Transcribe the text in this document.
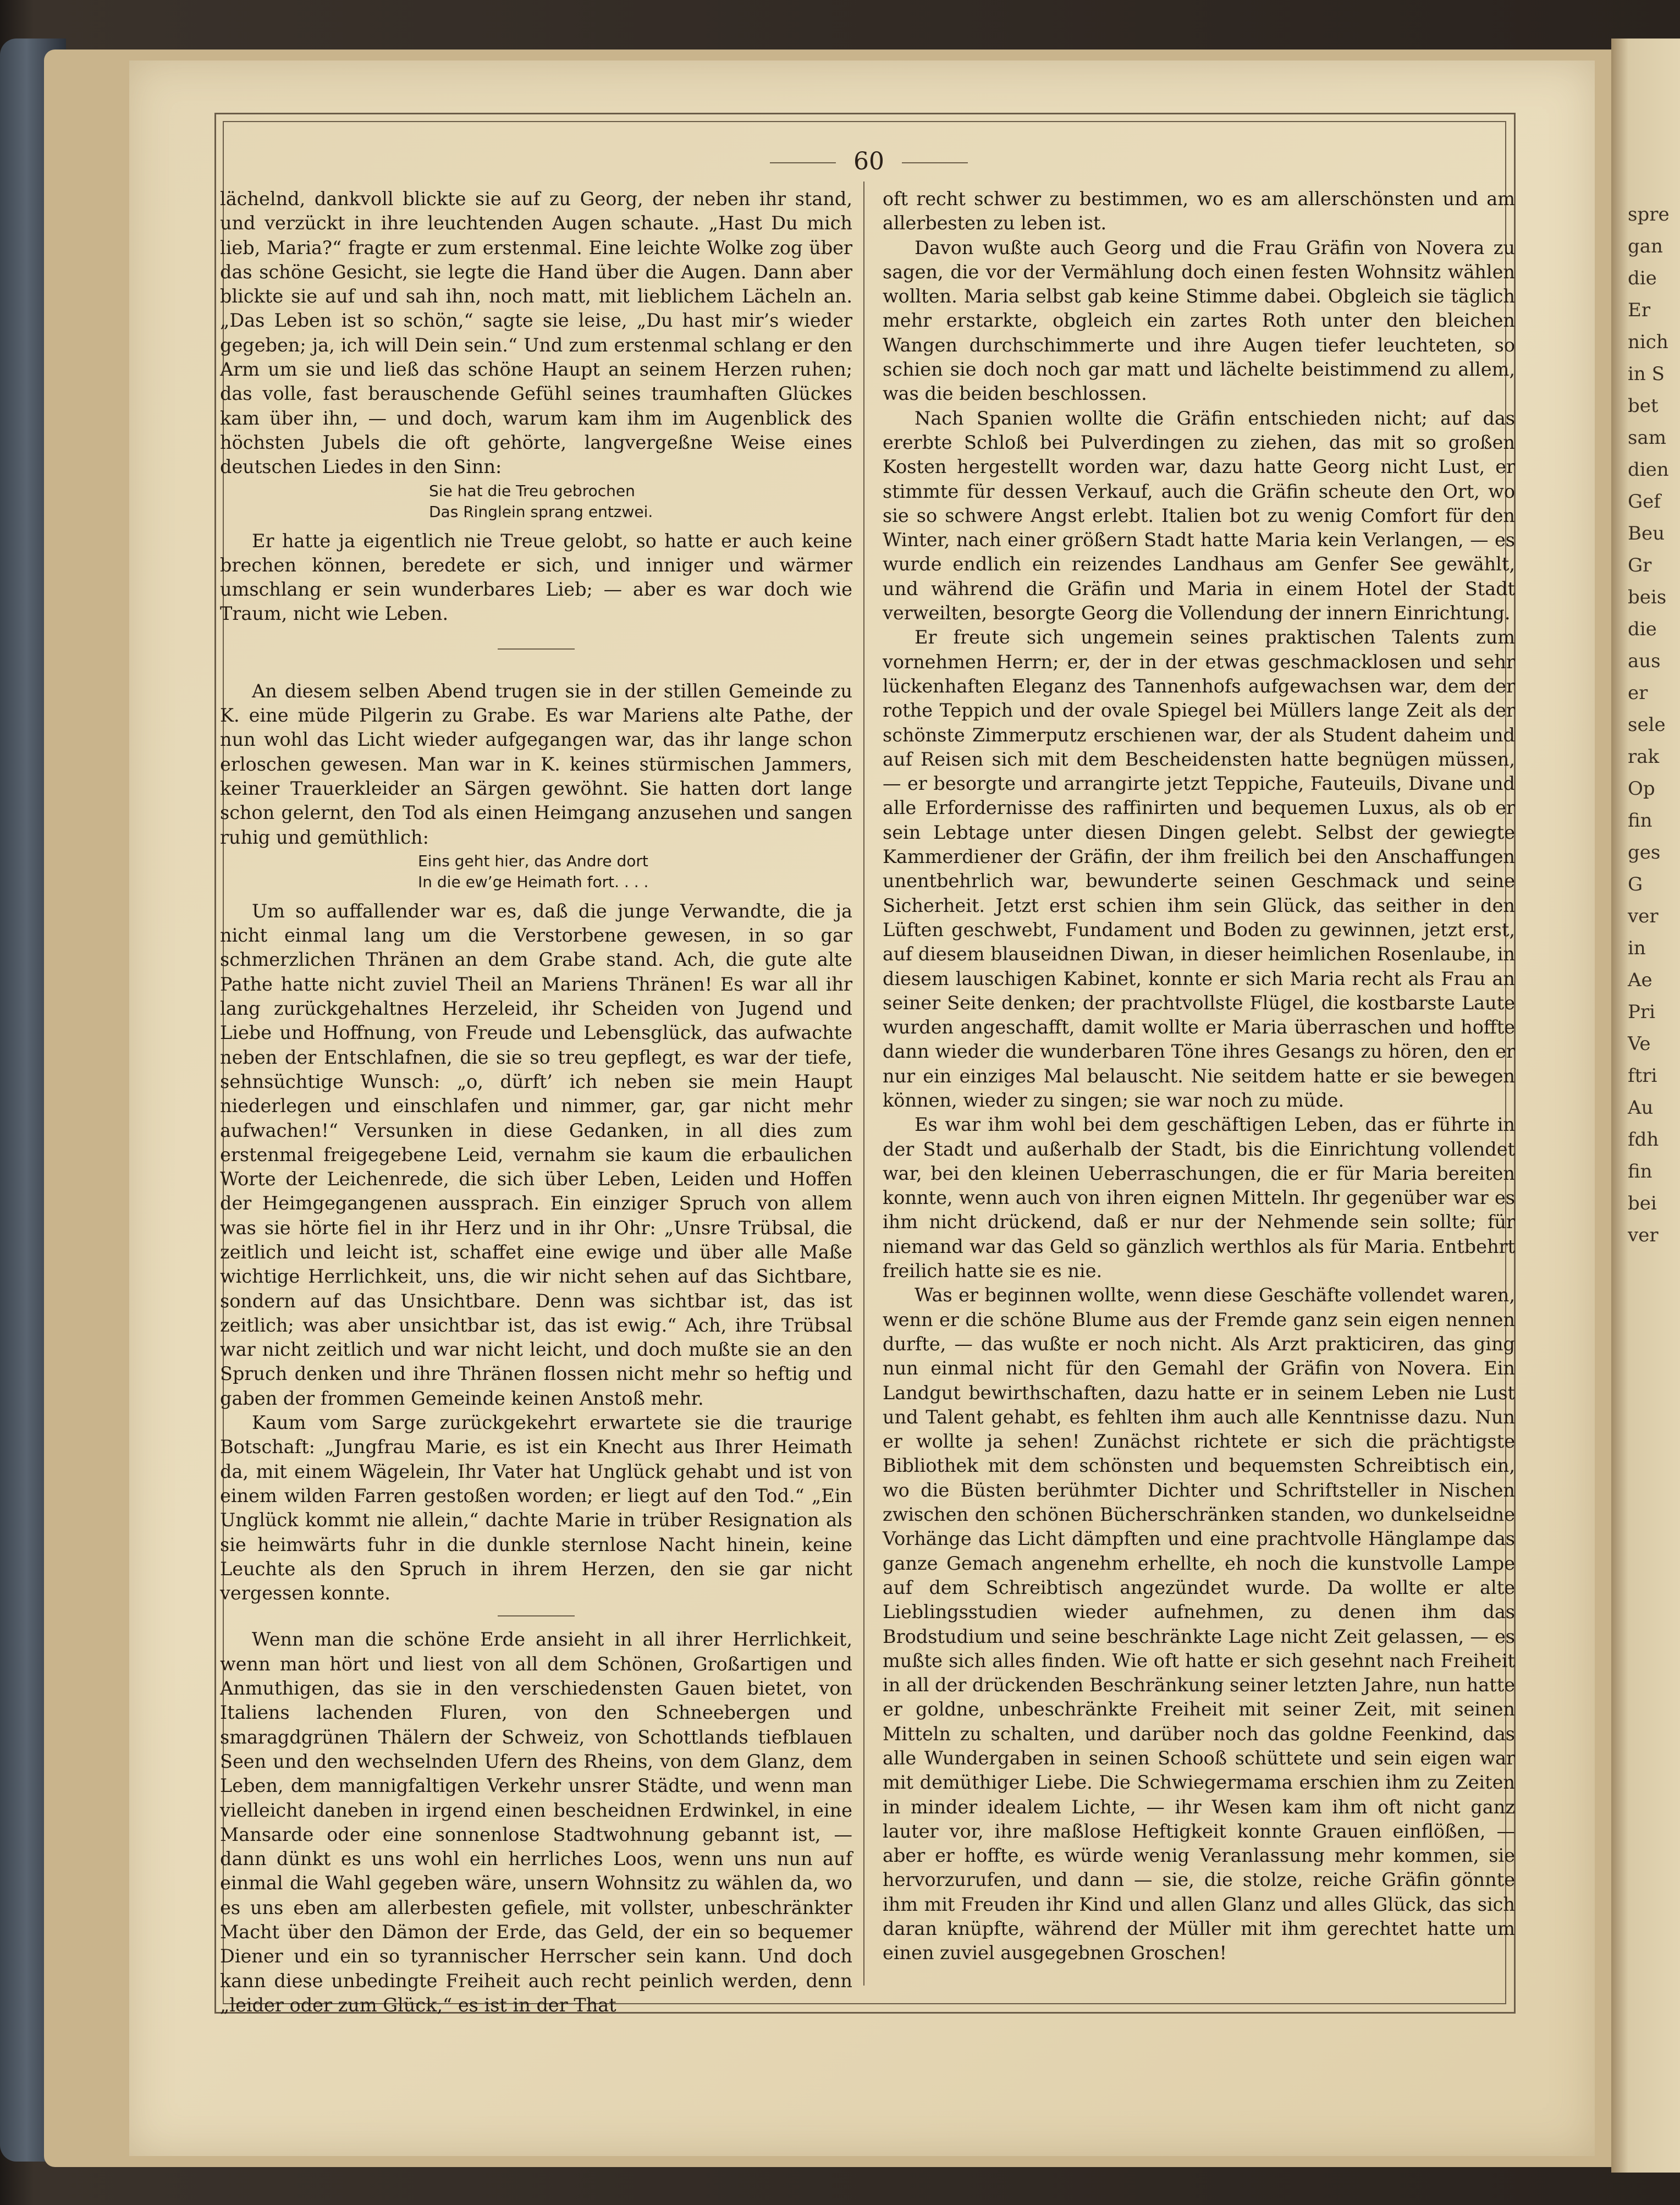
spre
gan
die
Er
nich
in S
bet
sam
dien
Gef
Beu
Gr
beis
die
aus
er
sele
rak
Op
fin
ges
G
ver
in
Ae
Pri
Ve
ftri
Au
fdh
fin
bei
ver
60

lächelnd, dankvoll blickte sie auf zu Georg, der neben ihr stand, und verzückt in ihre leuchtenden Augen schaute. „Hast Du mich lieb, Maria?“ fragte er zum erstenmal. Eine leichte Wolke zog über das schöne Gesicht, sie legte die Hand über die Augen. Dann aber blickte sie auf und sah ihn, noch matt, mit lieblichem Lächeln an. „Das Leben ist so schön,“ sagte sie leise, „Du hast mir’s wieder gegeben; ja, ich will Dein sein.“ Und zum erstenmal schlang er den Arm um sie und ließ das schöne Haupt an seinem Herzen ruhen; das volle, fast berauschende Gefühl seines traumhaften Glückes kam über ihn, — und doch, warum kam ihm im Augenblick des höchsten Jubels die oft gehörte, langvergeßne Weise eines deutschen Liedes in den Sinn:

Sie hat die Treu gebrochen
Das Ringlein sprang entzwei.

Er hatte ja eigentlich nie Treue gelobt, so hatte er auch keine brechen können, beredete er sich, und inniger und wärmer umschlang er sein wunderbares Lieb; — aber es war doch wie Traum, nicht wie Leben.

An diesem selben Abend trugen sie in der stillen Gemeinde zu K. eine müde Pilgerin zu Grabe. Es war Mariens alte Pathe, der nun wohl das Licht wieder aufgegangen war, das ihr lange schon erloschen gewesen. Man war in K. keines stürmischen Jammers, keiner Trauerkleider an Särgen gewöhnt. Sie hatten dort lange schon gelernt, den Tod als einen Heimgang anzusehen und sangen ruhig und gemüthlich:

Eins geht hier, das Andre dort
In die ew’ge Heimath fort. . . .

Um so auffallender war es, daß die junge Verwandte, die ja nicht einmal lang um die Verstorbene gewesen, in so gar schmerzlichen Thränen an dem Grabe stand. Ach, die gute alte Pathe hatte nicht zuviel Theil an Mariens Thränen! Es war all ihr lang zurückgehaltnes Herzeleid, ihr Scheiden von Jugend und Liebe und Hoffnung, von Freude und Lebensglück, das aufwachte neben der Entschlafnen, die sie so treu gepflegt, es war der tiefe, sehnsüchtige Wunsch: „o, dürft’ ich neben sie mein Haupt niederlegen und einschlafen und nimmer, gar, gar nicht mehr aufwachen!“ Versunken in diese Gedanken, in all dies zum erstenmal freigegebene Leid, vernahm sie kaum die erbaulichen Worte der Leichenrede, die sich über Leben, Leiden und Hoffen der Heimgegangenen aussprach. Ein einziger Spruch von allem was sie hörte fiel in ihr Herz und in ihr Ohr: „Unsre Trübsal, die zeitlich und leicht ist, schaffet eine ewige und über alle Maße wichtige Herrlichkeit, uns, die wir nicht sehen auf das Sichtbare, sondern auf das Unsichtbare. Denn was sichtbar ist, das ist zeitlich; was aber unsichtbar ist, das ist ewig.“ Ach, ihre Trübsal war nicht zeitlich und war nicht leicht, und doch mußte sie an den Spruch denken und ihre Thränen flossen nicht mehr so heftig und gaben der frommen Gemeinde keinen Anstoß mehr.

Kaum vom Sarge zurückgekehrt erwartete sie die traurige Botschaft: „Jungfrau Marie, es ist ein Knecht aus Ihrer Heimath da, mit einem Wägelein, Ihr Vater hat Unglück gehabt und ist von einem wilden Farren gestoßen worden; er liegt auf den Tod.“ „Ein Unglück kommt nie allein,“ dachte Marie in trüber Resignation als sie heimwärts fuhr in die dunkle sternlose Nacht hinein, keine Leuchte als den Spruch in ihrem Herzen, den sie gar nicht vergessen konnte.

Wenn man die schöne Erde ansieht in all ihrer Herrlichkeit, wenn man hört und liest von all dem Schönen, Großartigen und Anmuthigen, das sie in den verschiedensten Gauen bietet, von Italiens lachenden Fluren, von den Schneebergen und smaragdgrünen Thälern der Schweiz, von Schottlands tiefblauen Seen und den wechselnden Ufern des Rheins, von dem Glanz, dem Leben, dem mannigfaltigen Verkehr unsrer Städte, und wenn man vielleicht daneben in irgend einen bescheidnen Erdwinkel, in eine Mansarde oder eine sonnenlose Stadtwohnung gebannt ist, — dann dünkt es uns wohl ein herrliches Loos, wenn uns nun auf einmal die Wahl gegeben wäre, unsern Wohnsitz zu wählen da, wo es uns eben am allerbesten gefiele, mit vollster, unbeschränkter Macht über den Dämon der Erde, das Geld, der ein so bequemer Diener und ein so tyrannischer Herrscher sein kann. Und doch kann diese unbedingte Freiheit auch recht peinlich werden, denn „leider oder zum Glück,“ es ist in der That

oft recht schwer zu bestimmen, wo es am allerschönsten und am allerbesten zu leben ist.

Davon wußte auch Georg und die Frau Gräfin von Novera zu sagen, die vor der Vermählung doch einen festen Wohnsitz wählen wollten. Maria selbst gab keine Stimme dabei. Obgleich sie täglich mehr erstarkte, obgleich ein zartes Roth unter den bleichen Wangen durchschimmerte und ihre Augen tiefer leuchteten, so schien sie doch noch gar matt und lächelte beistimmend zu allem, was die beiden beschlossen.

Nach Spanien wollte die Gräfin entschieden nicht; auf das ererbte Schloß bei Pulverdingen zu ziehen, das mit so großen Kosten hergestellt worden war, dazu hatte Georg nicht Lust, er stimmte für dessen Verkauf, auch die Gräfin scheute den Ort, wo sie so schwere Angst erlebt. Italien bot zu wenig Comfort für den Winter, nach einer größern Stadt hatte Maria kein Verlangen, — es wurde endlich ein reizendes Landhaus am Genfer See gewählt, und während die Gräfin und Maria in einem Hotel der Stadt verweilten, besorgte Georg die Vollendung der innern Einrichtung.

Er freute sich ungemein seines praktischen Talents zum vornehmen Herrn; er, der in der etwas geschmacklosen und sehr lückenhaften Eleganz des Tannenhofs aufgewachsen war, dem der rothe Teppich und der ovale Spiegel bei Müllers lange Zeit als der schönste Zimmerputz erschienen war, der als Student daheim und auf Reisen sich mit dem Bescheidensten hatte begnügen müssen, — er besorgte und arrangirte jetzt Teppiche, Fauteuils, Divane und alle Erfordernisse des raffinirten und bequemen Luxus, als ob er sein Lebtage unter diesen Dingen gelebt. Selbst der gewiegte Kammerdiener der Gräfin, der ihm freilich bei den Anschaffungen unentbehrlich war, bewunderte seinen Geschmack und seine Sicherheit. Jetzt erst schien ihm sein Glück, das seither in den Lüften geschwebt, Fundament und Boden zu gewinnen, jetzt erst, auf diesem blauseidnen Diwan, in dieser heimlichen Rosenlaube, in diesem lauschigen Kabinet, konnte er sich Maria recht als Frau an seiner Seite denken; der prachtvollste Flügel, die kostbarste Laute wurden angeschafft, damit wollte er Maria überraschen und hoffte dann wieder die wunderbaren Töne ihres Gesangs zu hören, den er nur ein einziges Mal belauscht. Nie seitdem hatte er sie bewegen können, wieder zu singen; sie war noch zu müde.

Es war ihm wohl bei dem geschäftigen Leben, das er führte in der Stadt und außerhalb der Stadt, bis die Einrichtung vollendet war, bei den kleinen Ueberraschungen, die er für Maria bereiten konnte, wenn auch von ihren eignen Mitteln. Ihr gegenüber war es ihm nicht drückend, daß er nur der Nehmende sein sollte; für niemand war das Geld so gänzlich werthlos als für Maria. Entbehrt freilich hatte sie es nie.

Was er beginnen wollte, wenn diese Geschäfte vollendet waren, wenn er die schöne Blume aus der Fremde ganz sein eigen nennen durfte, — das wußte er noch nicht. Als Arzt prakticiren, das ging nun einmal nicht für den Gemahl der Gräfin von Novera. Ein Landgut bewirthschaften, dazu hatte er in seinem Leben nie Lust und Talent gehabt, es fehlten ihm auch alle Kenntnisse dazu. Nun er wollte ja sehen! Zunächst richtete er sich die prächtigste Bibliothek mit dem schönsten und bequemsten Schreibtisch ein, wo die Büsten berühmter Dichter und Schriftsteller in Nischen zwischen den schönen Bücherschränken standen, wo dunkelseidne Vorhänge das Licht dämpften und eine prachtvolle Hänglampe das ganze Gemach angenehm erhellte, eh noch die kunstvolle Lampe auf dem Schreibtisch angezündet wurde. Da wollte er alte Lieblingsstudien wieder aufnehmen, zu denen ihm das Brodstudium und seine beschränkte Lage nicht Zeit gelassen, — es mußte sich alles finden. Wie oft hatte er sich gesehnt nach Freiheit in all der drückenden Beschränkung seiner letzten Jahre, nun hatte er goldne, unbeschränkte Freiheit mit seiner Zeit, mit seinen Mitteln zu schalten, und darüber noch das goldne Feenkind, das alle Wundergaben in seinen Schooß schüttete und sein eigen war mit demüthiger Liebe. Die Schwiegermama erschien ihm zu Zeiten in minder idealem Lichte, — ihr Wesen kam ihm oft nicht ganz lauter vor, ihre maßlose Heftigkeit konnte Grauen einflößen, — aber er hoffte, es würde wenig Veranlassung mehr kommen, sie hervorzurufen, und dann — sie, die stolze, reiche Gräfin gönnte ihm mit Freuden ihr Kind und allen Glanz und alles Glück, das sich daran knüpfte, während der Müller mit ihm gerechtet hatte um einen zuviel ausgegebnen Groschen!
